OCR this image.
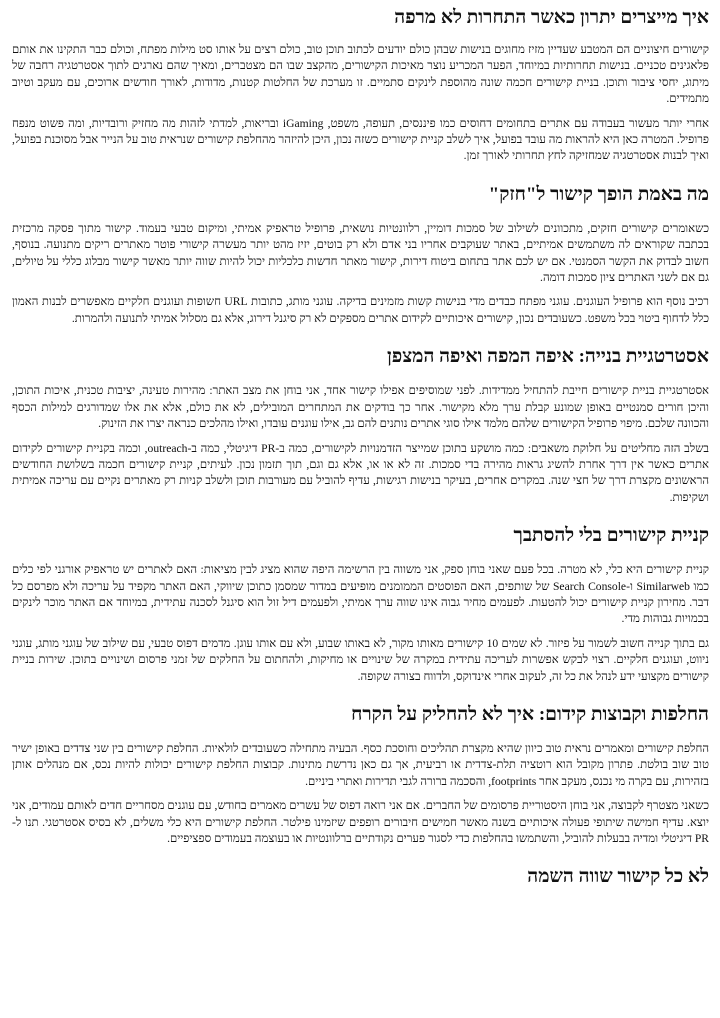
איך מייצרים יתרון כאשר התחרות לא מרפה

קישורים חיצוניים הם המטבע שעדיין מזיז מחוגים בנישות שבהן כולם יודעים לכתוב תוכן טוב, כולם רצים על אותו סט מילות מפתח, וכולם כבר התקינו את אותם פלאגינים טכניים. בנישות תחרותיות במיוחד, הפער המכריע נוצר מאיכות הקישורים, מהקצב שבו הם מצטברים, ומאיך שהם נארגים לתוך אסטרטגיה רחבה של מיתוג, יחסי ציבור ותוכן. בניית קישורים חכמה שונה מהוספת לינקים סתמיים. זו מערכת של החלטות קטנות, מדודות, לאורך חודשים ארוכים, עם מעקב וטיוב מתמידים.

אחרי יותר מעשור בעבודה עם אתרים בתחומים דחוסים כמו פיננסים, תעופה, משפט, iGaming ובריאות, למדתי לזהות מה מחזיק ורובדיות, ומה פשוט מנפח פרופיל. המטרה כאן היא להראות מה עובד בפועל, איך לשלב קניית קישורים כשזה נכון, היכן להיזהר מהחלפת קישורים שנראית טוב על הנייר אבל מסוכנת בפועל, ואיך לבנות אסטרטגיה שמחזיקה לחץ תחרותי לאורך זמן.

מה באמת הופך קישור ל"חזק"

כשאומרים קישורים חזקים, מתכוונים לשילוב של סמכות דומיין, רלוונטיות נושאית, פרופיל טראפיק אמיתי, ומיקום טבעי בעמוד. קישור מתוך פסקה מרכזית בכתבה שקוראים לה משתמשים אמיתיים, באתר שעוקבים אחריו בני אדם ולא רק בוטים, יזיז מהט יותר מעשרה קישורי פוטר מאתרים ריקים מתנועה. בנוסף, חשוב לבדוק את הקשר הסמנטי. אם יש לכם אתר בתחום ביטוח דירות, קישור מאתר חדשות כלכליות יכול להיות שווה יותר מאשר קישור מבלוג כללי על טיולים, גם אם לשני האתרים ציון סמכות דומה.

רכיב נוסף הוא פרופיל העוגנים. עוגני מפתח כבדים מדי בנישות קשות מזמינים בדיקה. עוגני מותג, כתובות URL חשופות ועוגנים חלקיים מאפשרים לבנות האמון כלל לדחוף ביטוי בכל משפט. כשעובדים נכון, קישורים איכותיים לקידום אתרים מספקים לא רק סיגנל דירוג, אלא גם מסלול אמיתי לתנועה ולהמרות.

אסטרטגיית בנייה: איפה המפה ואיפה המצפן

אסטרטגיית בניית קישורים חייבת להתחיל ממדידות. לפני שמוסיפים אפילו קישור אחד, אני בוחן את מצב האתר: מהירות טעינה, יציבות טכנית, איכות התוכן, והיכן חורים סמנטיים באופן שמונע קבלת ערך מלא מקישור. אחר כך בודקים את המתחרים המובילים, לא את כולם, אלא את אלו שמדורגים למילות הכסף והכוונה שלכם. מיפוי פרופיל הקישורים שלהם מלמד אילו סוגי אתרים נותנים להם גב, אילו עוגנים עובדו, ואילו מהלכים כנראה יצרו את הזינוק.

בשלב הזה מחליטים על חלוקת משאבים: כמה מושקע בתוכן שמייצר הזדמנויות לקישורים, כמה ב-PR דיגיטלי, כמה ב-outreach, וכמה בקניית קישורים לקידום אתרים כאשר אין דרך אחרת להשיג גראות מהירה בדי סמכות. זה לא או או, אלא גם וגם, תוך תזמון נכון. לעיתים, קניית קישורים חכמה בשלושת החודשים הראשונים מקצרת דרך של חצי שנה. במקרים אחרים, בעיקר בנישות רגישות, עדיף להוביל עם מעורבות תוכן ולשלב קניות רק מאתרים נקיים עם עריכה אמיתית ושקיפות.

קניית קישורים בלי להסתבך

קניית קישורים היא כלי, לא מטרה. בכל פעם שאני בוחן ספק, אני משווה בין הרשימה היפה שהוא מציג לבין מציאות: האם לאתרים יש טראפיק אורגני לפי כלים כמו Similarweb ו-Search Console של שותפים, האם הפוסטים הממומנים מופיעים במדור שמסמן כתוכן שיווקי, האם האתר מקפיד על עריכה ולא מפרסם כל דבר. מחירון קניית קישורים יכול להטעות. לפעמים מחיר גבוה אינו שווה ערך אמיתי, ולפעמים דיל זול הוא סיגנל לסכנה עתידית, במיוחד אם האתר מוכר לינקים בכמויות גבוהות מדי.

גם בתוך קנייה חשוב לשמור על פיזור. לא שמים 10 קישורים מאותו מקור, לא באותו שבוע, ולא עם אותו עוגן. מדמים דפוס טבעי, עם שילוב של עוגני מותג, עוגני ניווט, ועוגנים חלקיים. רצוי לבקש אפשרות לעריכה עתידית במקרה של שינויים או מחיקות, ולהחתום על החלקים של זמני פרסום ושינויים בתוכן. שירות בניית קישורים מקצועי ידע לנהל את כל זה, לעקוב אחרי אינדוקס, ולדווח בצורה שקופה.

החלפות וקבוצות קידום: איך לא להחליק על הקרח

החלפת קישורים ומאמרים נראית טוב כיוון שהיא מקצרת תהליכים וחוסכת כסף. הבעיה מתחילה כשעובדים לולאיות. החלפת קישורים בין שני צדדים באופן ישיר טוב שוב בולטת. פתרון מקובל הוא רוטציה תלת-צדדית או רביעית, אך גם כאן נדרשת מתינות. קבוצות החלפת קישורים יכולות להיות נכס, אם מנהלים אותן בזהירות, עם בקרה מי נכנס, מעקב אחר footprints, והסכמה ברורה לגבי תדירות ואתרי ביניים.

כשאני מצטרף לקבוצה, אני בוחן היסטוריית פרסומים של החברים. אם אני רואה דפוס של עשרים מאמרים בחודש, עם עוגנים מסחריים חדים לאותם עמודים, אני יוצא. עדיף חמישה שיתופי פעולה איכותיים בשנה מאשר חמישים חיבורים רופפים שיזמינו פילטר. החלפת קישורים היא כלי משלים, לא בסיס אסטרטגי. תנו ל-PR דיגיטלי ומדיה בבעלות להוביל, והשתמשו בהחלפות כדי לסגור פערים נקודתיים ברלוונטיות או בעוצמה בעמודים ספציפיים.

לא כל קישור שווה השמה
